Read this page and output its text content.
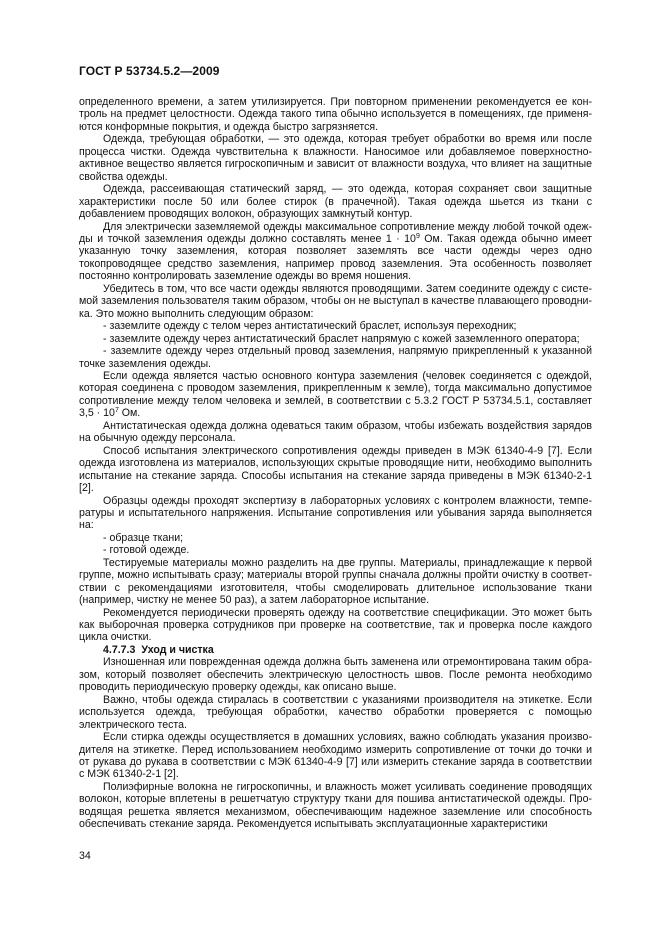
ГОСТ Р 53734.5.2—2009

определенного времени, а затем утилизируется. При повторном применении рекомендуется ее контроль на предмет целостности. Одежда такого типа обычно используется в помещениях, где применяются конформные покрытия, и одежда быстро загрязняется.

Одежда, требующая обработки, — это одежда, которая требует обработки во время или после процесса чистки. Одежда чувствительна к влажности. Наносимое или добавляемое поверхностно-активное вещество является гигроскопичным и зависит от влажности воздуха, что влияет на защитные свойства одежды.

Одежда, рассеивающая статический заряд, — это одежда, которая сохраняет свои защитные характеристики после 50 или более стирок (в прачечной). Такая одежда шьется из ткани с добавлением проводящих волокон, образующих замкнутый контур.

Для электрически заземляемой одежды максимальное сопротивление между любой точкой одежды и точкой заземления одежды должно составлять менее $1 \cdot 10^9$ Ом. Такая одежда обычно имеет указанную точку заземления, которая позволяет заземлять все части одежды через одно токопроводящее средство заземления, например провод заземления. Эта особенность позволяет постоянно контролировать заземление одежды во время ношения.

Убедитесь в том, что все части одежды являются проводящими. Затем соедините одежду с системой заземления пользователя таким образом, чтобы он не выступал в качестве плавающего проводника. Это можно выполнить следующим образом:

- заземлите одежду с телом через антистатический браслет, используя переходник;

- заземлите одежду через антистатический браслет напрямую с кожей заземленного оператора;

- заземлите одежду через отдельный провод заземления, напрямую прикрепленный к указанной точке заземления одежды.

Если одежда является частью основного контура заземления (человек соединяется с одеждой, которая соединена с проводом заземления, прикрепленным к земле), тогда максимально допустимое сопротивление между телом человека и землей, в соответствии с 5.3.2 ГОСТ Р 53734.5.1, составляет $3,5 \cdot 10^7$ Ом.

Антистатическая одежда должна одеваться таким образом, чтобы избежать воздействия зарядов на обычную одежду персонала.

Способ испытания электрического сопротивления одежды приведен в МЭК 61340-4-9 [7]. Если одежда изготовлена из материалов, использующих скрытые проводящие нити, необходимо выполнить испытание на стекание заряда. Способы испытания на стекание заряда приведены в МЭК 61340-2-1 [2].

Образцы одежды проходят экспертизу в лабораторных условиях с контролем влажности, температуры и испытательного напряжения. Испытание сопротивления или убывания заряда выполняется на:

- образце ткани;

- готовой одежде.

Тестируемые материалы можно разделить на две группы. Материалы, принадлежащие к первой группе, можно испытывать сразу; материалы второй группы сначала должны пройти очистку в соответствии с рекомендациями изготовителя, чтобы смоделировать длительное использование ткани (например, чистку не менее 50 раз), а затем лабораторное испытание.

Рекомендуется периодически проверять одежду на соответствие спецификации. Это может быть как выборочная проверка сотрудников при проверке на соответствие, так и проверка после каждого цикла очистки.

4.7.7.3 Уход и чистка

Изношенная или поврежденная одежда должна быть заменена или отремонтирована таким образом, который позволяет обеспечить электрическую целостность швов. После ремонта необходимо проводить периодическую проверку одежды, как описано выше.

Важно, чтобы одежда стиралась в соответствии с указаниями производителя на этикетке. Если используется одежда, требующая обработки, качество обработки проверяется с помощью электрического теста.

Если стирка одежды осуществляется в домашних условиях, важно соблюдать указания производителя на этикетке. Перед использованием необходимо измерить сопротивление от точки до точки и от рукава до рукава в соответствии с МЭК 61340-4-9 [7] или измерить стекание заряда в соответствии с МЭК 61340-2-1 [2].

Полиэфирные волокна не гигроскопичны, и влажность может усиливать соединение проводящих волокон, которые вплетены в решетчатую структуру ткани для пошива антистатической одежды. Проводящая решетка является механизмом, обеспечивающим надежное заземление или способность обеспечивать стекание заряда. Рекомендуется испытывать эксплуатационные характеристики

34
